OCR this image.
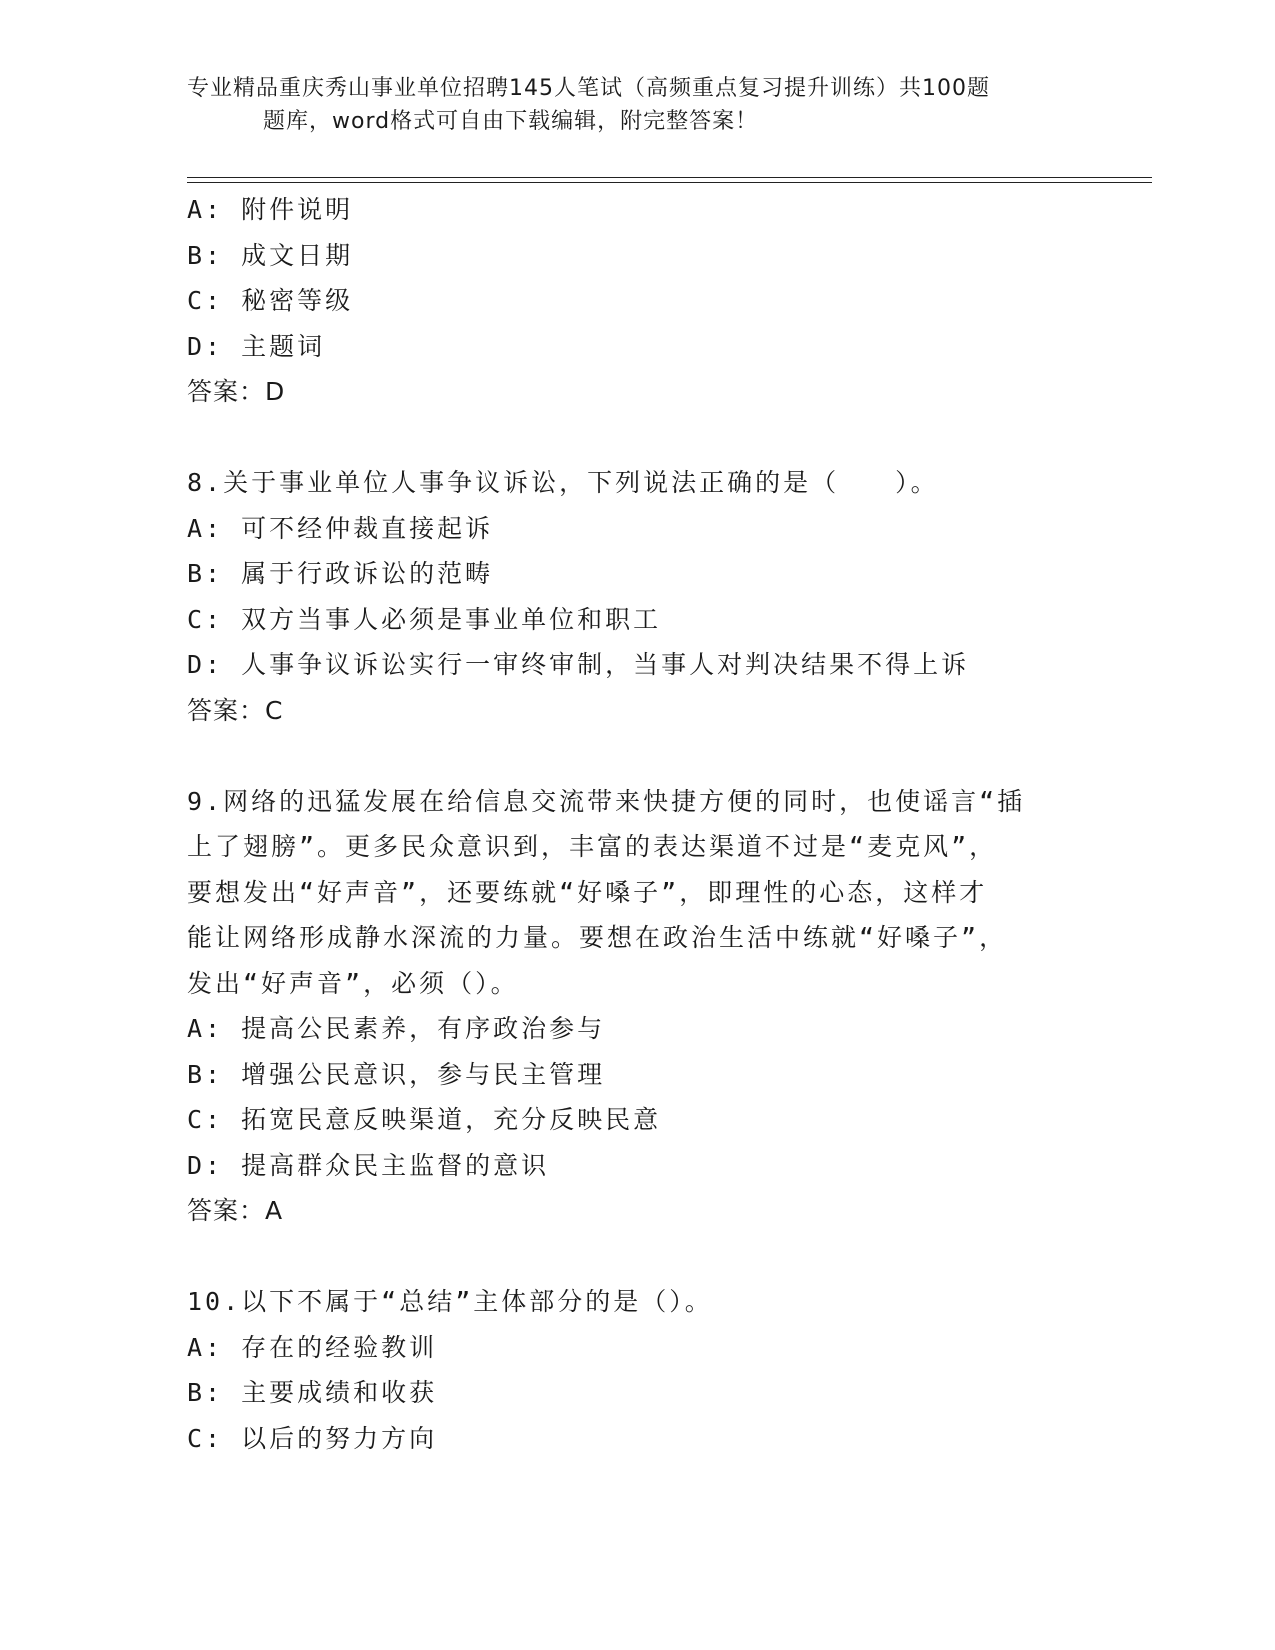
专业精品重庆秀山事业单位招聘145人笔试（高频重点复习提升训练）共100题
题库，word格式可自由下载编辑，附完整答案！
A: 附件说明
B: 成文日期
C: 秘密等级
D: 主题词
答案：D
8.关于事业单位人事争议诉讼，下列说法正确的是（　　）。
A: 可不经仲裁直接起诉
B: 属于行政诉讼的范畴
C: 双方当事人必须是事业单位和职工
D: 人事争议诉讼实行一审终审制，当事人对判决结果不得上诉
答案：C
9.网络的迅猛发展在给信息交流带来快捷方便的同时，也使谣言“插
上了翅膀”。更多民众意识到，丰富的表达渠道不过是“麦克风”，
要想发出“好声音”，还要练就“好嗓子”，即理性的心态，这样才
能让网络形成静水深流的力量。要想在政治生活中练就“好嗓子”，
发出“好声音”，必须（）。
A: 提高公民素养，有序政治参与
B: 增强公民意识，参与民主管理
C: 拓宽民意反映渠道，充分反映民意
D: 提高群众民主监督的意识
答案：A
10.以下不属于“总结”主体部分的是（）。
A: 存在的经验教训
B: 主要成绩和收获
C: 以后的努力方向
